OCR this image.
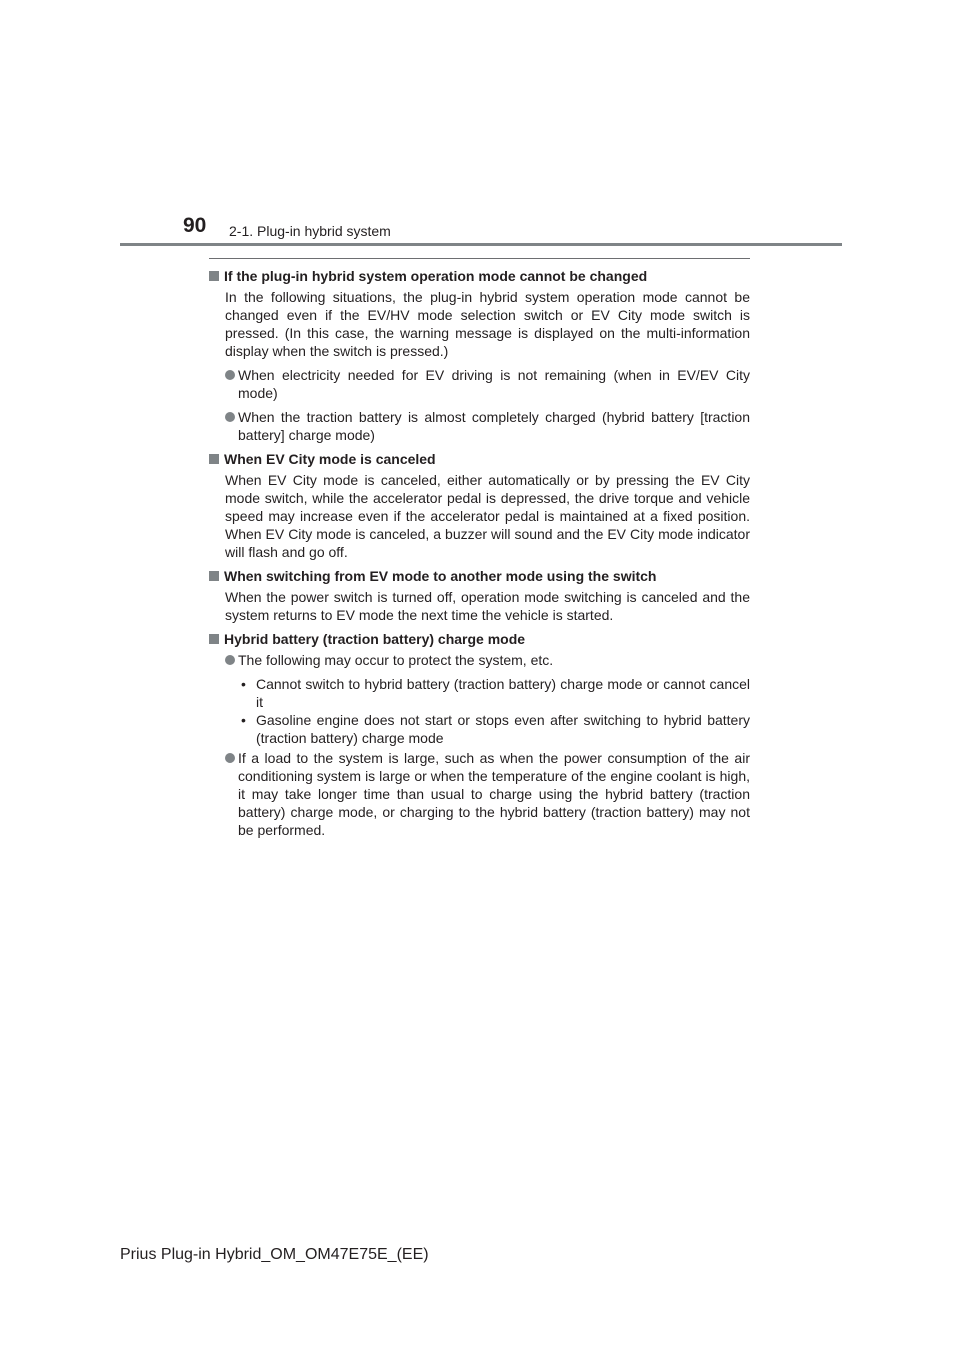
90 2-1. Plug-in hybrid system
If the plug-in hybrid system operation mode cannot be changed
In the following situations, the plug-in hybrid system operation mode cannot be changed even if the EV/HV mode selection switch or EV City mode switch is pressed. (In this case, the warning message is displayed on the multi-information display when the switch is pressed.)
When electricity needed for EV driving is not remaining (when in EV/EV City mode)
When the traction battery is almost completely charged (hybrid battery [traction battery] charge mode)
When EV City mode is canceled
When EV City mode is canceled, either automatically or by pressing the EV City mode switch, while the accelerator pedal is depressed, the drive torque and vehicle speed may increase even if the accelerator pedal is maintained at a fixed position. When EV City mode is canceled, a buzzer will sound and the EV City mode indicator will flash and go off.
When switching from EV mode to another mode using the switch
When the power switch is turned off, operation mode switching is canceled and the system returns to EV mode the next time the vehicle is started.
Hybrid battery (traction battery) charge mode
The following may occur to protect the system, etc.
• Cannot switch to hybrid battery (traction battery) charge mode or cannot cancel it
• Gasoline engine does not start or stops even after switching to hybrid battery (traction battery) charge mode
If a load to the system is large, such as when the power consumption of the air conditioning system is large or when the temperature of the engine coolant is high, it may take longer time than usual to charge using the hybrid battery (traction battery) charge mode, or charging to the hybrid battery (traction battery) may not be performed.
Prius Plug-in Hybrid_OM_OM47E75E_(EE)
